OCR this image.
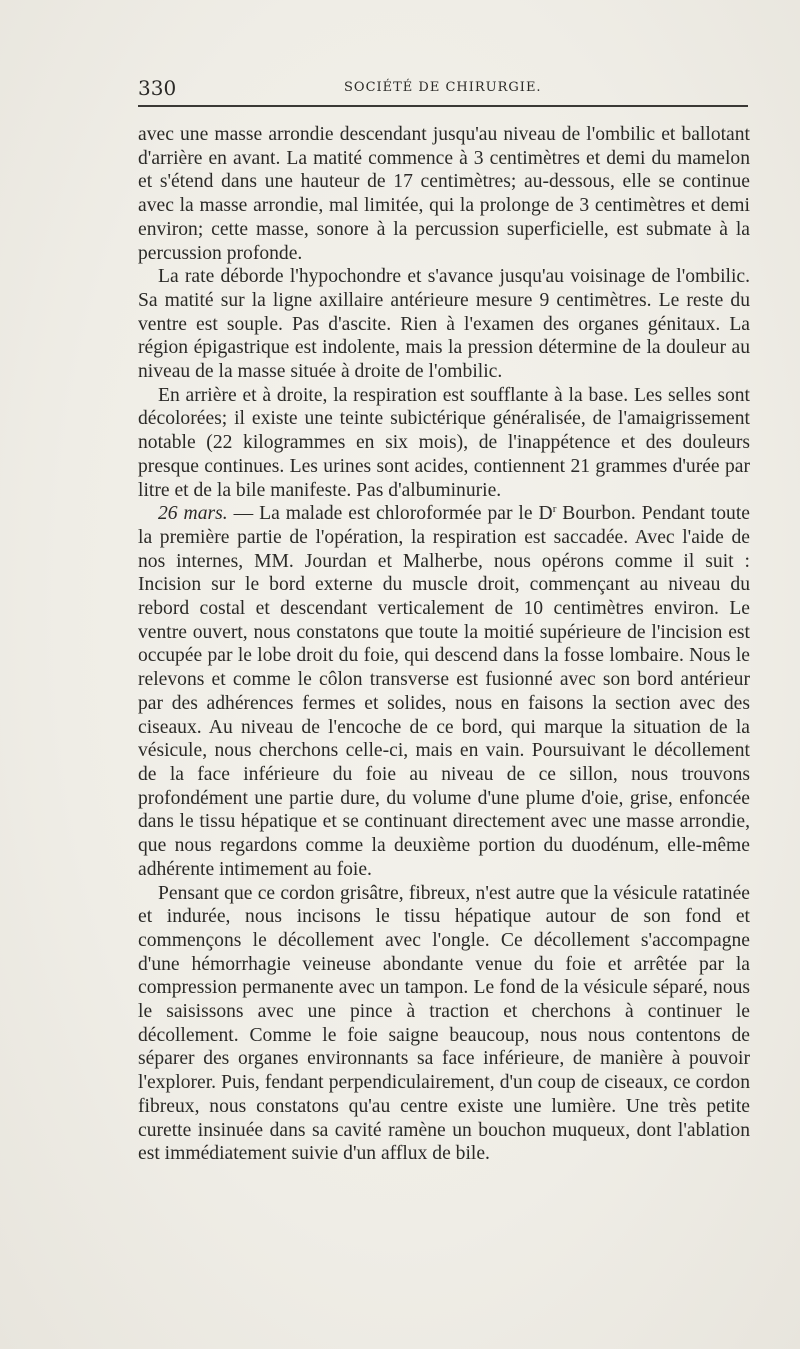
330	SOCIÉTÉ DE CHIRURGIE.

avec une masse arrondie descendant jusqu'au niveau de l'ombilic et ballotant d'arrière en avant. La matité commence à 3 centimètres et demi du mamelon et s'étend dans une hauteur de 17 centimètres; au-dessous, elle se continue avec la masse arrondie, mal limitée, qui la prolonge de 3 centimètres et demi environ; cette masse, sonore à la percussion superficielle, est submate à la percussion profonde.

La rate déborde l'hypochondre et s'avance jusqu'au voisinage de l'ombilic. Sa matité sur la ligne axillaire antérieure mesure 9 centimètres. Le reste du ventre est souple. Pas d'ascite. Rien à l'examen des organes génitaux. La région épigastrique est indolente, mais la pression détermine de la douleur au niveau de la masse située à droite de l'ombilic.

En arrière et à droite, la respiration est soufflante à la base. Les selles sont décolorées; il existe une teinte subictérique généralisée, de l'amaigrissement notable (22 kilogrammes en six mois), de l'inappétence et des douleurs presque continues. Les urines sont acides, contiennent 21 grammes d'urée par litre et de la bile manifeste. Pas d'albuminurie.

26 mars. — La malade est chloroformée par le $D^r$ Bourbon. Pendant toute la première partie de l'opération, la respiration est saccadée. Avec l'aide de nos internes, MM. Jourdan et Malherbe, nous opérons comme il suit : Incision sur le bord externe du muscle droit, commençant au niveau du rebord costal et descendant verticalement de 10 centimètres environ. Le ventre ouvert, nous constatons que toute la moitié supérieure de l'incision est occupée par le lobe droit du foie, qui descend dans la fosse lombaire. Nous le relevons et comme le côlon transverse est fusionné avec son bord antérieur par des adhérences fermes et solides, nous en faisons la section avec des ciseaux. Au niveau de l'encoche de ce bord, qui marque la situation de la vésicule, nous cherchons celle-ci, mais en vain. Poursuivant le décollement de la face inférieure du foie au niveau de ce sillon, nous trouvons profondément une partie dure, du volume d'une plume d'oie, grise, enfoncée dans le tissu hépatique et se continuant directement avec une masse arrondie, que nous regardons comme la deuxième portion du duodénum, elle-même adhérente intimement au foie.

Pensant que ce cordon grisâtre, fibreux, n'est autre que la vésicule ratatinée et indurée, nous incisons le tissu hépatique autour de son fond et commençons le décollement avec l'ongle. Ce décollement s'accompagne d'une hémorrhagie veineuse abondante venue du foie et arrêtée par la compression permanente avec un tampon. Le fond de la vésicule séparé, nous le saisissons avec une pince à traction et cherchons à continuer le décollement. Comme le foie saigne beaucoup, nous nous contentons de séparer des organes environnants sa face inférieure, de manière à pouvoir l'explorer. Puis, fendant perpendiculairement, d'un coup de ciseaux, ce cordon fibreux, nous constatons qu'au centre existe une lumière. Une très petite curette insinuée dans sa cavité ramène un bouchon muqueux, dont l'ablation est immédiatement suivie d'un afflux de bile.
